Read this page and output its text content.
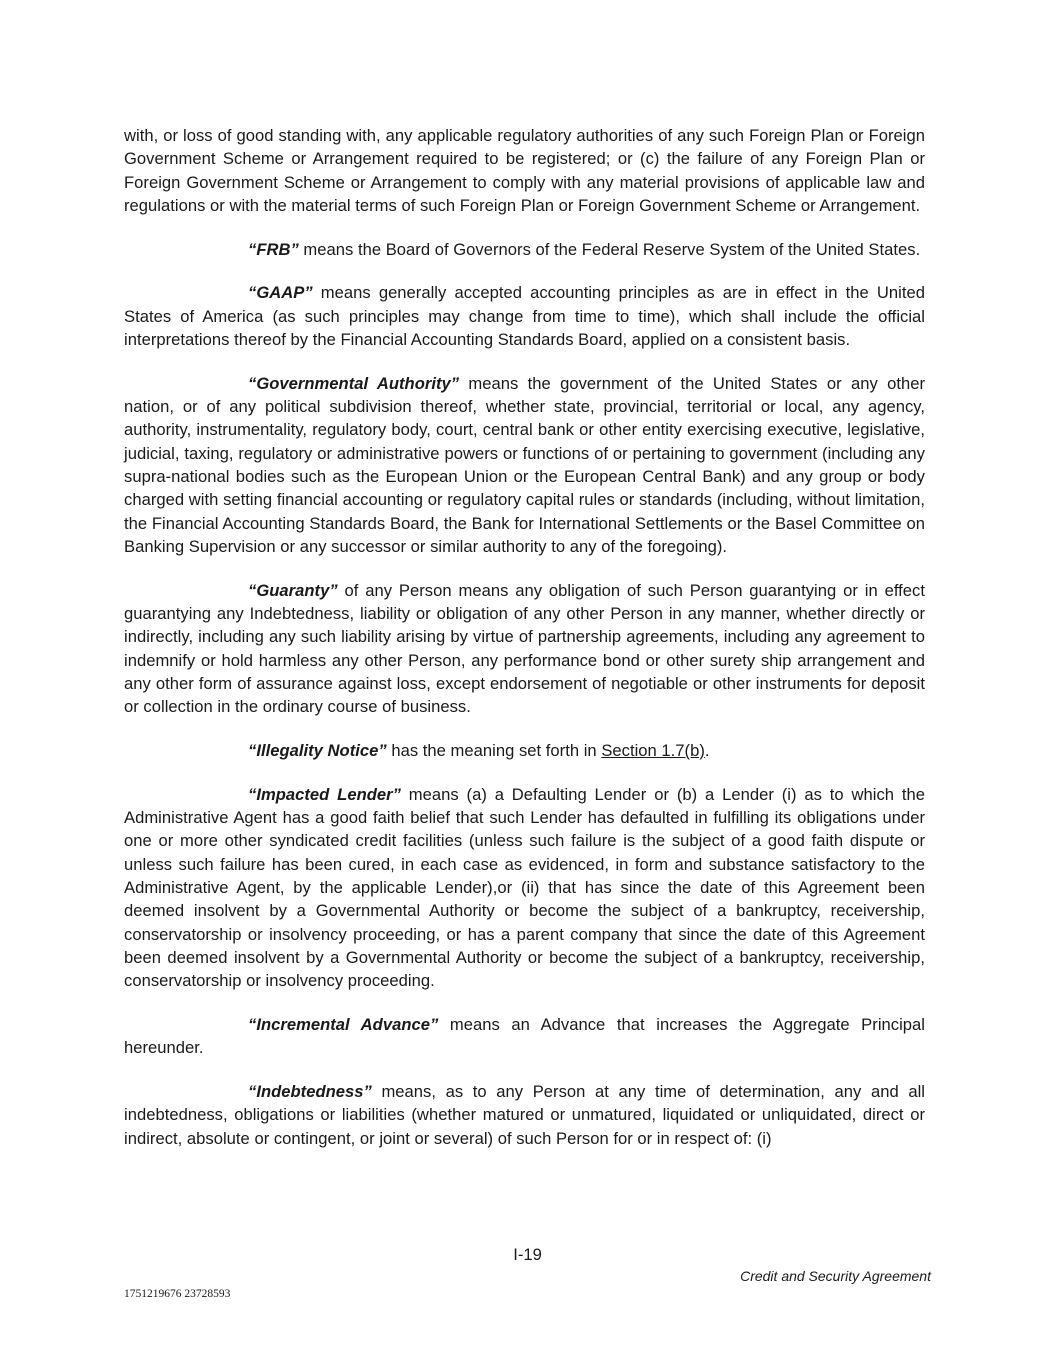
with, or loss of good standing with, any applicable regulatory authorities of any such Foreign Plan or Foreign Government Scheme or Arrangement required to be registered; or (c) the failure of any Foreign Plan or Foreign Government Scheme or Arrangement to comply with any material provisions of applicable law and regulations or with the material terms of such Foreign Plan or Foreign Government Scheme or Arrangement.

“FRB” means the Board of Governors of the Federal Reserve System of the United States.

“GAAP” means generally accepted accounting principles as are in effect in the United States of America (as such principles may change from time to time), which shall include the official interpretations thereof by the Financial Accounting Standards Board, applied on a consistent basis.

“Governmental Authority” means the government of the United States or any other nation, or of any political subdivision thereof, whether state, provincial, territorial or local, any agency, authority, instrumentality, regulatory body, court, central bank or other entity exercising executive, legislative, judicial, taxing, regulatory or administrative powers or functions of or pertaining to government (including any supra-national bodies such as the European Union or the European Central Bank) and any group or body charged with setting financial accounting or regulatory capital rules or standards (including, without limitation, the Financial Accounting Standards Board, the Bank for International Settlements or the Basel Committee on Banking Supervision or any successor or similar authority to any of the foregoing).

“Guaranty” of any Person means any obligation of such Person guarantying or in effect guarantying any Indebtedness, liability or obligation of any other Person in any manner, whether directly or indirectly, including any such liability arising by virtue of partnership agreements, including any agreement to indemnify or hold harmless any other Person, any performance bond or other surety ship arrangement and any other form of assurance against loss, except endorsement of negotiable or other instruments for deposit or collection in the ordinary course of business.

“Illegality Notice” has the meaning set forth in Section 1.7(b).

“Impacted Lender” means (a) a Defaulting Lender or (b) a Lender (i) as to which the Administrative Agent has a good faith belief that such Lender has defaulted in fulfilling its obligations under one or more other syndicated credit facilities (unless such failure is the subject of a good faith dispute or unless such failure has been cured, in each case as evidenced, in form and substance satisfactory to the Administrative Agent, by the applicable Lender),or (ii) that has since the date of this Agreement been deemed insolvent by a Governmental Authority or become the subject of a bankruptcy, receivership, conservatorship or insolvency proceeding, or has a parent company that since the date of this Agreement been deemed insolvent by a Governmental Authority or become the subject of a bankruptcy, receivership, conservatorship or insolvency proceeding.

“Incremental Advance” means an Advance that increases the Aggregate Principal hereunder.

“Indebtedness” means, as to any Person at any time of determination, any and all indebtedness, obligations or liabilities (whether matured or unmatured, liquidated or unliquidated, direct or indirect, absolute or contingent, or joint or several) of such Person for or in respect of: (i)

I-19
Credit and Security Agreement
1751219676 23728593
